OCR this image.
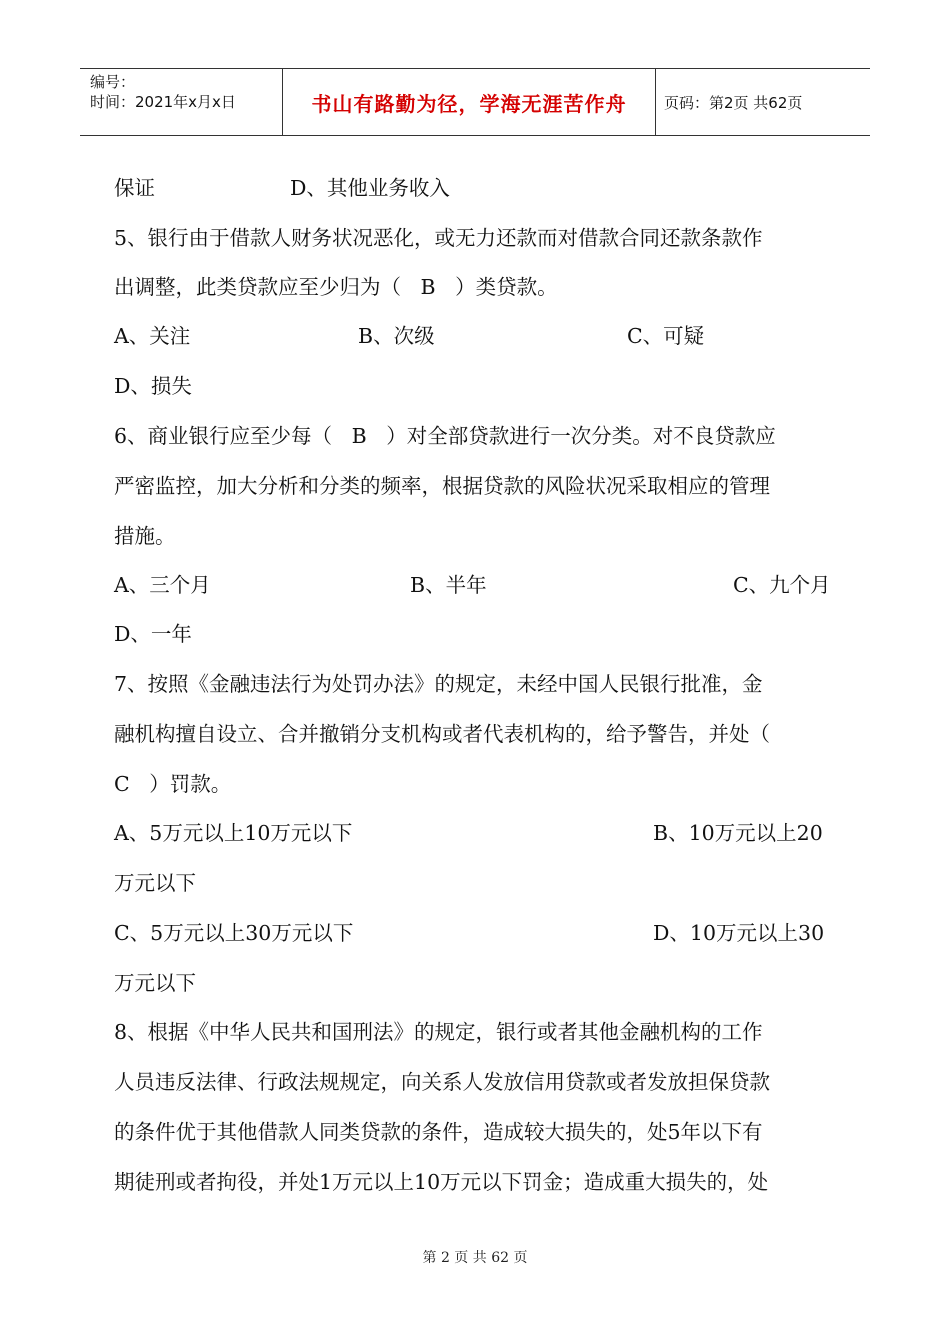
编号：
时间：2021年x月x日	书山有路勤为径，学海无涯苦作舟	页码：第2页 共62页
保证	D、其他业务收入
5、银行由于借款人财务状况恶化，或无力还款而对借款合同还款条款作
出调整，此类贷款应至少归为（   B   ）类贷款。
A、关注	B、次级	C、可疑
D、损失
6、商业银行应至少每（   B   ）对全部贷款进行一次分类。对不良贷款应
严密监控，加大分析和分类的频率，根据贷款的风险状况采取相应的管理
措施。
A、三个月	B、半年	C、九个月
D、一年
7、按照《金融违法行为处罚办法》的规定，未经中国人民银行批准，金
融机构擅自设立、合并撤销分支机构或者代表机构的，给予警告，并处（
C   ）罚款。
A、5万元以上10万元以下	B、10万元以上20
万元以下
C、5万元以上30万元以下	D、10万元以上30
万元以下
8、根据《中华人民共和国刑法》的规定，银行或者其他金融机构的工作
人员违反法律、行政法规规定，向关系人发放信用贷款或者发放担保贷款
的条件优于其他借款人同类贷款的条件，造成较大损失的，处5年以下有
期徒刑或者拘役，并处1万元以上10万元以下罚金；造成重大损失的，处
第 2 页 共 62 页
